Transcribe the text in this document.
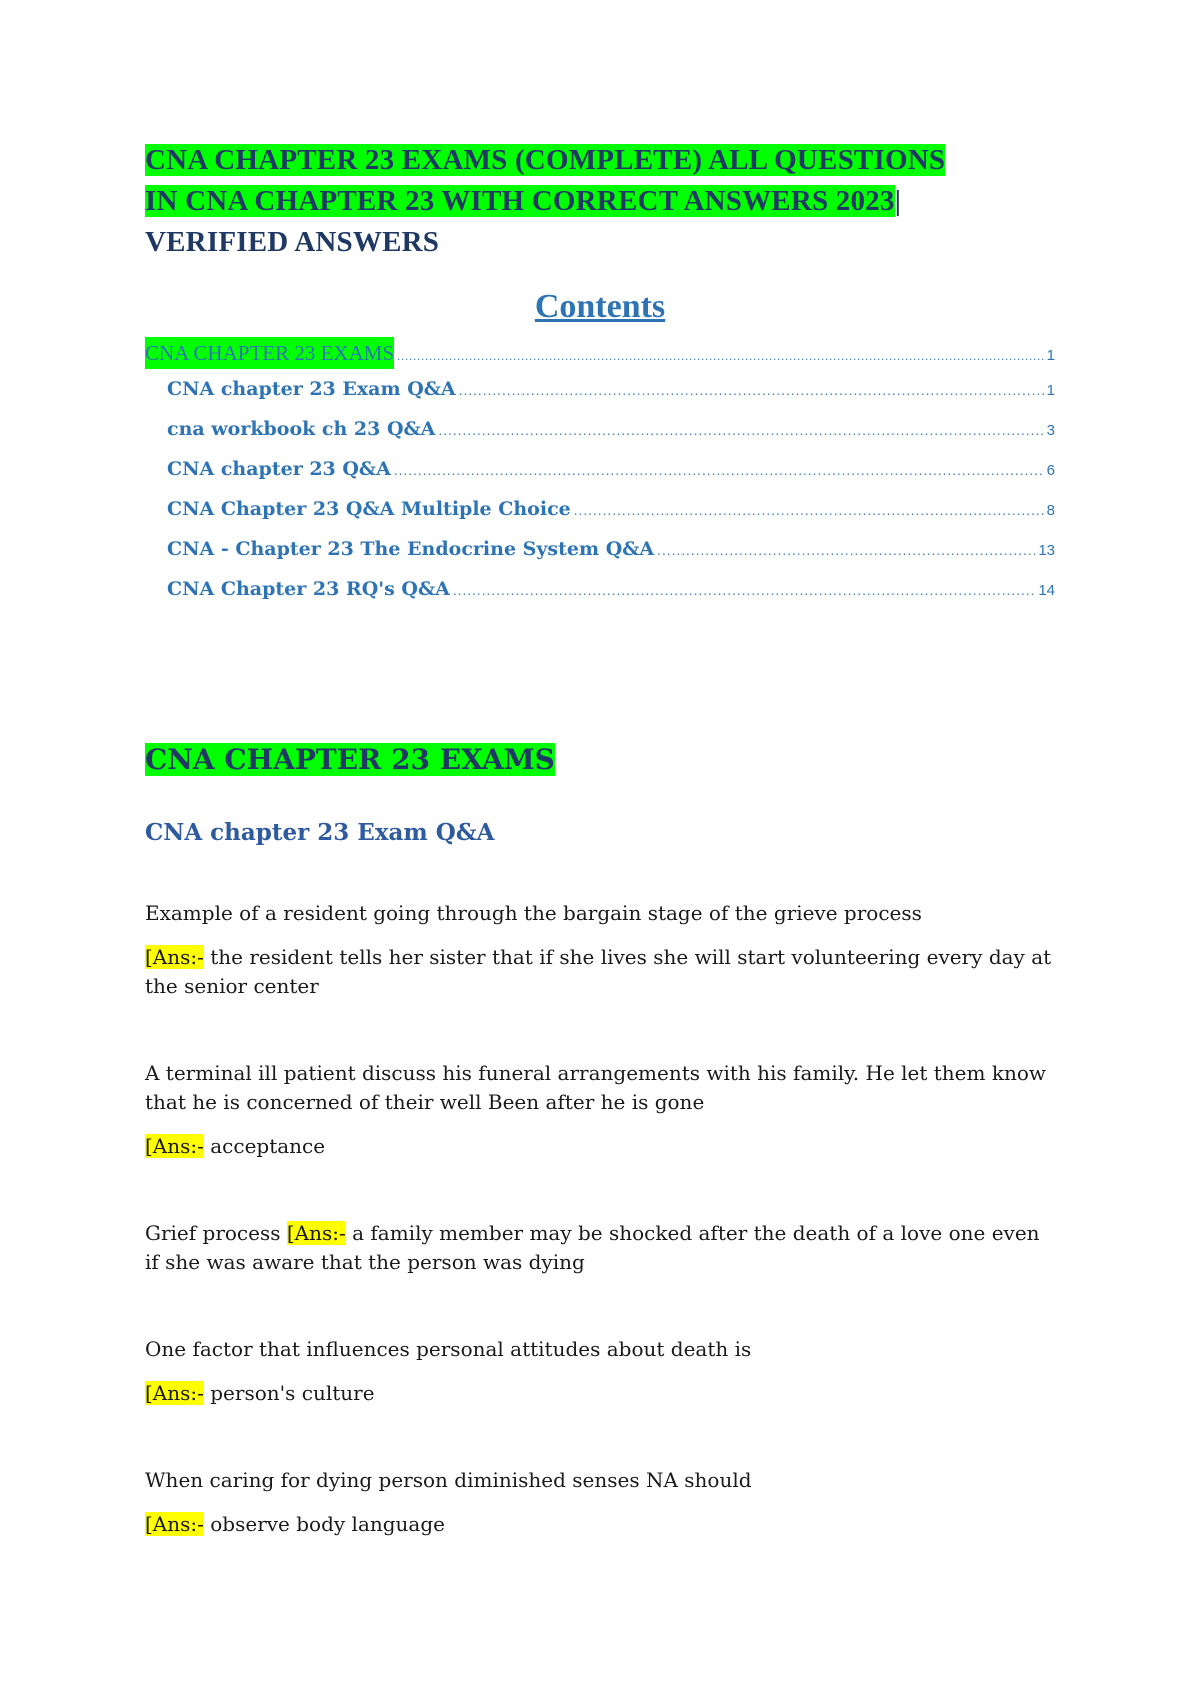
CNA CHAPTER 23 EXAMS (COMPLETE) ALL QUESTIONS
IN CNA CHAPTER 23 WITH CORRECT ANSWERS 2023|
VERIFIED ANSWERS
Contents
CNA CHAPTER 23 EXAMS .....	1
CNA chapter 23 Exam Q&A .....	1
cna workbook ch 23 Q&A .....	3
CNA chapter 23 Q&A .....	6
CNA Chapter 23 Q&A Multiple Choice .....	8
CNA - Chapter 23 The Endocrine System Q&A .....	13
CNA Chapter 23 RQ's Q&A .....	14
CNA CHAPTER 23 EXAMS
CNA chapter 23 Exam Q&A

Example of a resident going through the bargain stage of the grieve process

[Ans:- the resident tells her sister that if she lives she will start volunteering every day at the senior center

A terminal ill patient discuss his funeral arrangements with his family. He let them know that he is concerned of their well Been after he is gone

[Ans:- acceptance

Grief process [Ans:- a family member may be shocked after the death of a love one even if she was aware that the person was dying

One factor that influences personal attitudes about death is

[Ans:- person's culture

When caring for dying person diminished senses NA should

[Ans:- observe body language
